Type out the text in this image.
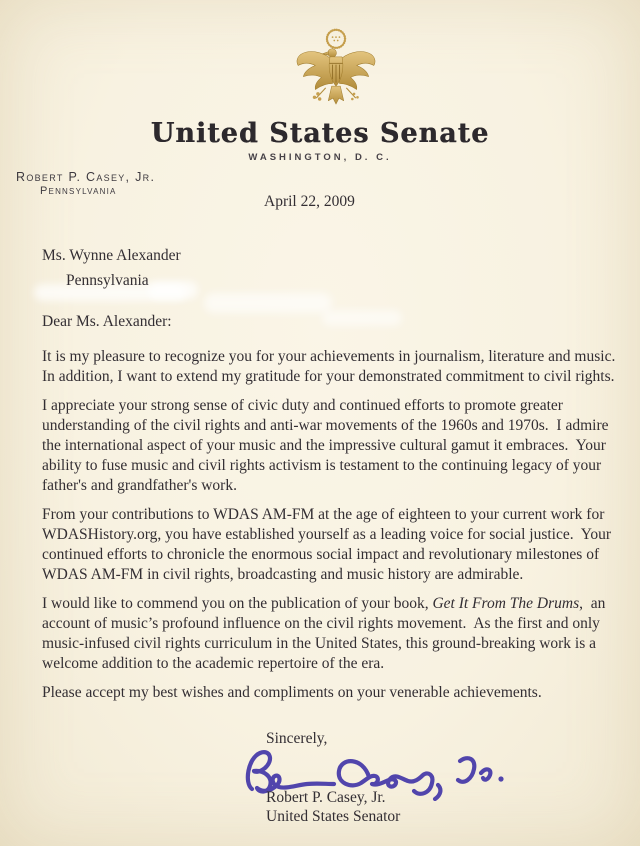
United States Senate
WASHINGTON, D. C.
Robert P. Casey, Jr.
Pennsylvania
April 22, 2009
Ms. Wynne Alexander
Pennsylvania
Dear Ms. Alexander:

It is my pleasure to recognize you for your achievements in journalism, literature and music.  In addition, I want to extend my gratitude for your demonstrated commitment to civil rights.

I appreciate your strong sense of civic duty and continued efforts to promote greater understanding of the civil rights and anti-war movements of the 1960s and 1970s.  I admire the international aspect of your music and the impressive cultural gamut it embraces.  Your ability to fuse music and civil rights activism is testament to the continuing legacy of your father's and grandfather's work.

From your contributions to WDAS AM-FM at the age of eighteen to your current work for WDASHistory.org, you have established yourself as a leading voice for social justice.  Your continued efforts to chronicle the enormous social impact and revolutionary milestones of WDAS AM-FM in civil rights, broadcasting and music history are admirable.

I would like to commend you on the publication of your book, Get It From The Drums,  an account of music’s profound influence on the civil rights movement.  As the first and only music-infused civil rights curriculum in the United States, this ground-breaking work is a welcome addition to the academic repertoire of the era.

Please accept my best wishes and compliments on your venerable achievements.

Sincerely,
Robert P. Casey, Jr.
United States Senator
